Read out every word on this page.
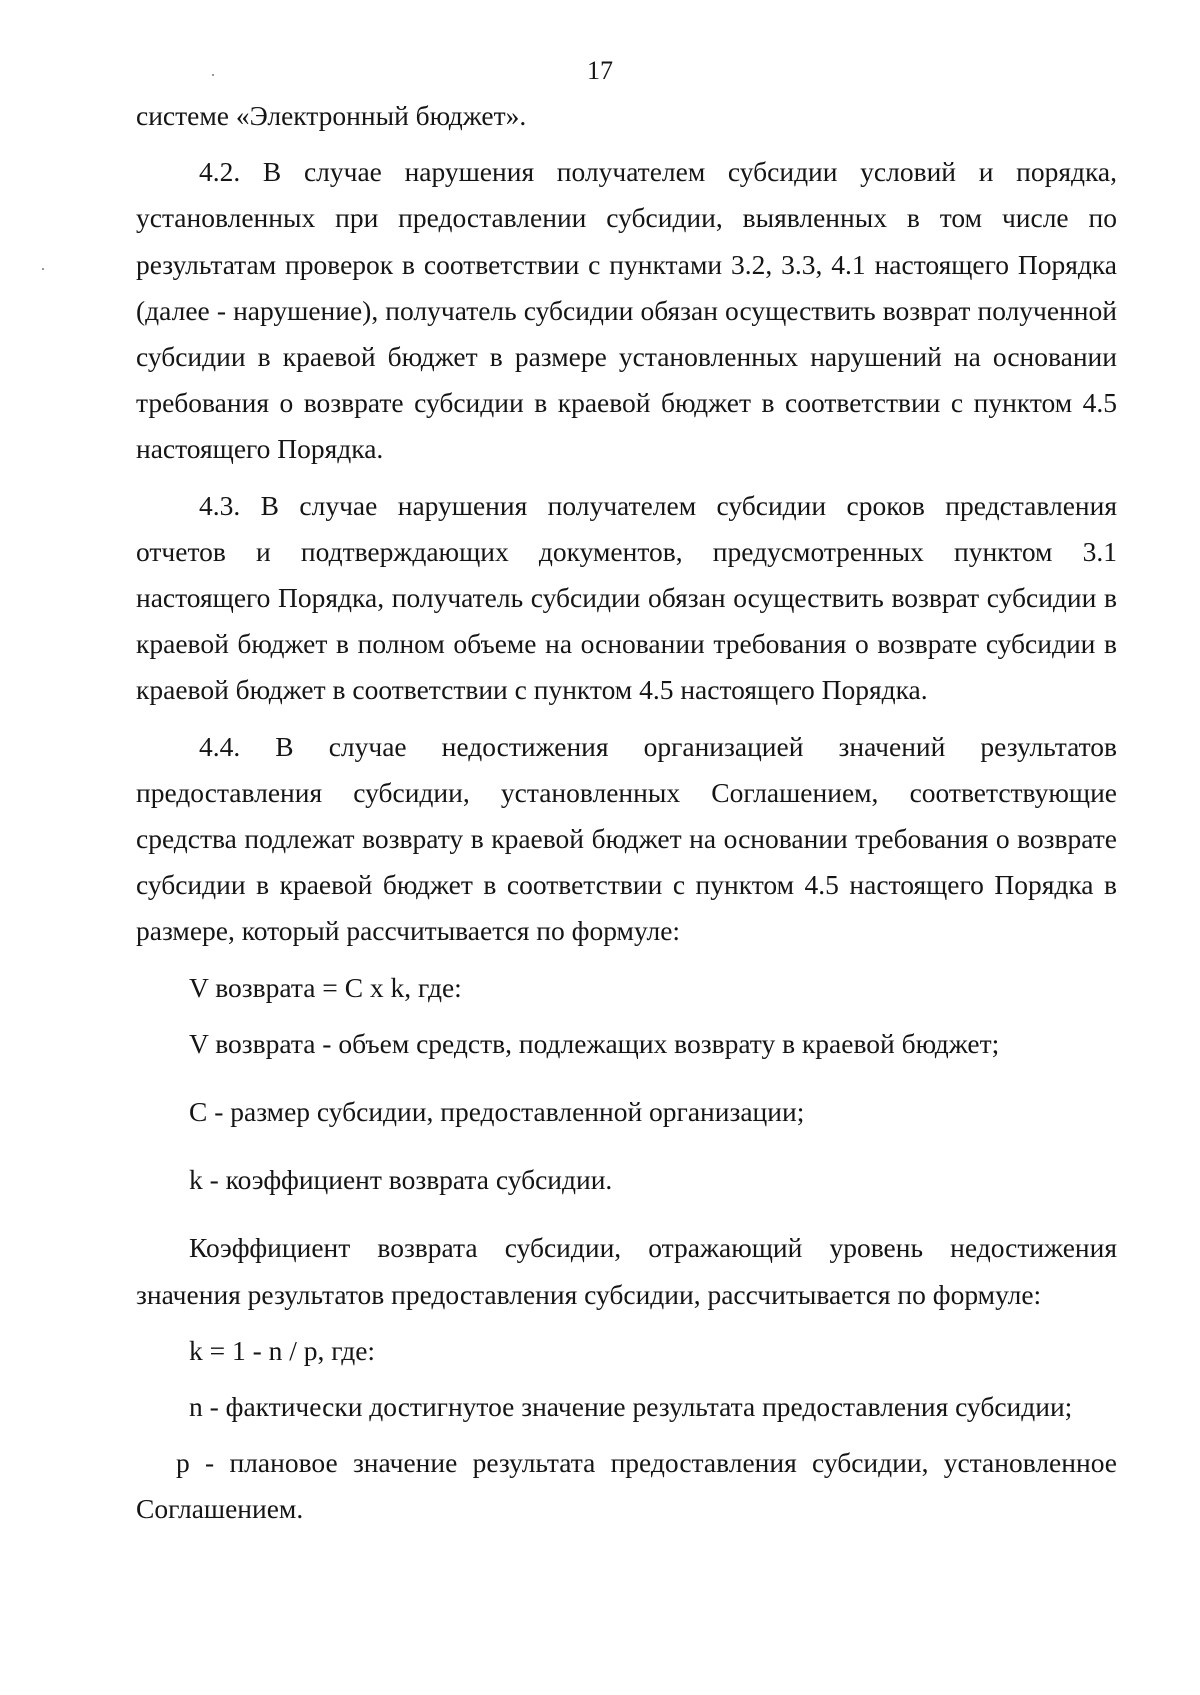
17

системе «Электронный бюджет».

4.2. В случае нарушения получателем субсидии условий и порядка, установленных при предоставлении субсидии, выявленных в том числе по результатам проверок в соответствии с пунктами 3.2, 3.3, 4.1 настоящего Порядка (далее - нарушение), получатель субсидии обязан осуществить возврат полученной субсидии в краевой бюджет в размере установленных нарушений на основании требования о возврате субсидии в краевой бюджет в соответствии с пунктом 4.5 настоящего Порядка.

4.3. В случае нарушения получателем субсидии сроков представления отчетов и подтверждающих документов, предусмотренных пунктом 3.1 настоящего Порядка, получатель субсидии обязан осуществить возврат субсидии в краевой бюджет в полном объеме на основании требования о возврате субсидии в краевой бюджет в соответствии с пунктом 4.5 настоящего Порядка.

4.4. В случае недостижения организацией значений результатов предоставления субсидии, установленных Соглашением, соответствующие средства подлежат возврату в краевой бюджет на основании требования о возврате субсидии в краевой бюджет в соответствии с пунктом 4.5 настоящего Порядка в размере, который рассчитывается по формуле:

V возврата = C x k, где:

V возврата - объем средств, подлежащих возврату в краевой бюджет;

C - размер субсидии, предоставленной организации;

k - коэффициент возврата субсидии.

Коэффициент возврата субсидии, отражающий уровень недостижения значения результатов предоставления субсидии, рассчитывается по формуле:

k = 1 - n / p, где:

n - фактически достигнутое значение результата предоставления субсидии;

p - плановое значение результата предоставления субсидии, установленное Соглашением.
